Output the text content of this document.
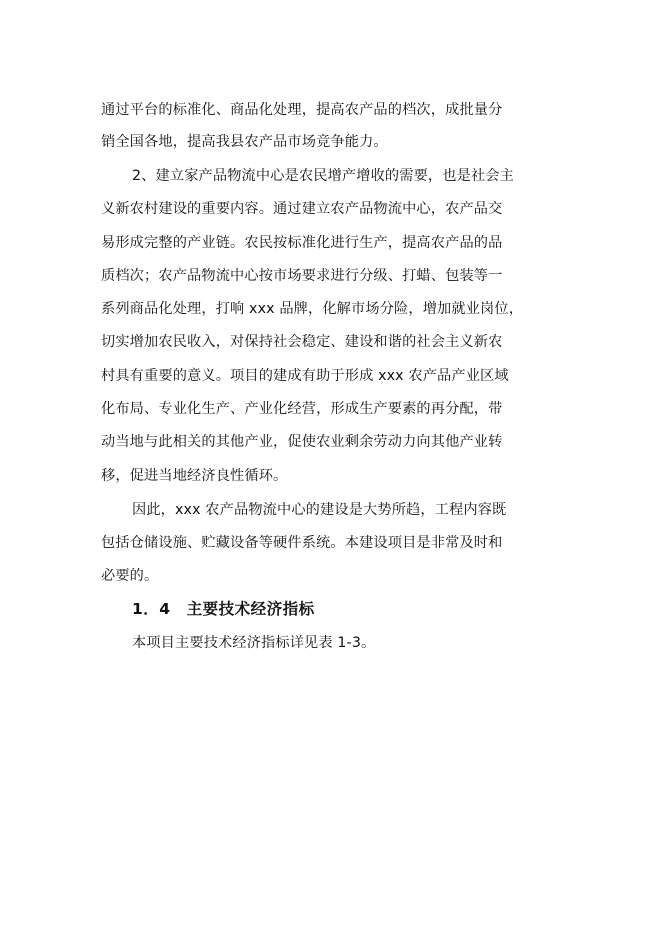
通过平台的标准化、商品化处理，提高农产品的档次，成批量分
销全国各地，提高我县农产品市场竞争能力。
2、建立家产品物流中心是农民增产增收的需要，也是社会主
义新农村建设的重要内容。通过建立农产品物流中心，农产品交
易形成完整的产业链。农民按标准化进行生产，提高农产品的品
质档次；农产品物流中心按市场要求进行分级、打蜡、包装等一
系列商品化处理，打响 xxx 品牌，化解市场分险，增加就业岗位，
切实增加农民收入，对保持社会稳定、建设和谐的社会主义新农
村具有重要的意义。项目的建成有助于形成 xxx 农产品产业区域
化布局、专业化生产、产业化经营，形成生产要素的再分配，带
动当地与此相关的其他产业，促使农业剩余劳动力向其他产业转
移，促进当地经济良性循环。
因此，xxx 农产品物流中心的建设是大势所趋，工程内容既
包括仓储设施、贮藏设备等硬件系统。本建设项目是非常及时和
必要的。
1．4　主要技术经济指标
本项目主要技术经济指标详见表 1-3。
